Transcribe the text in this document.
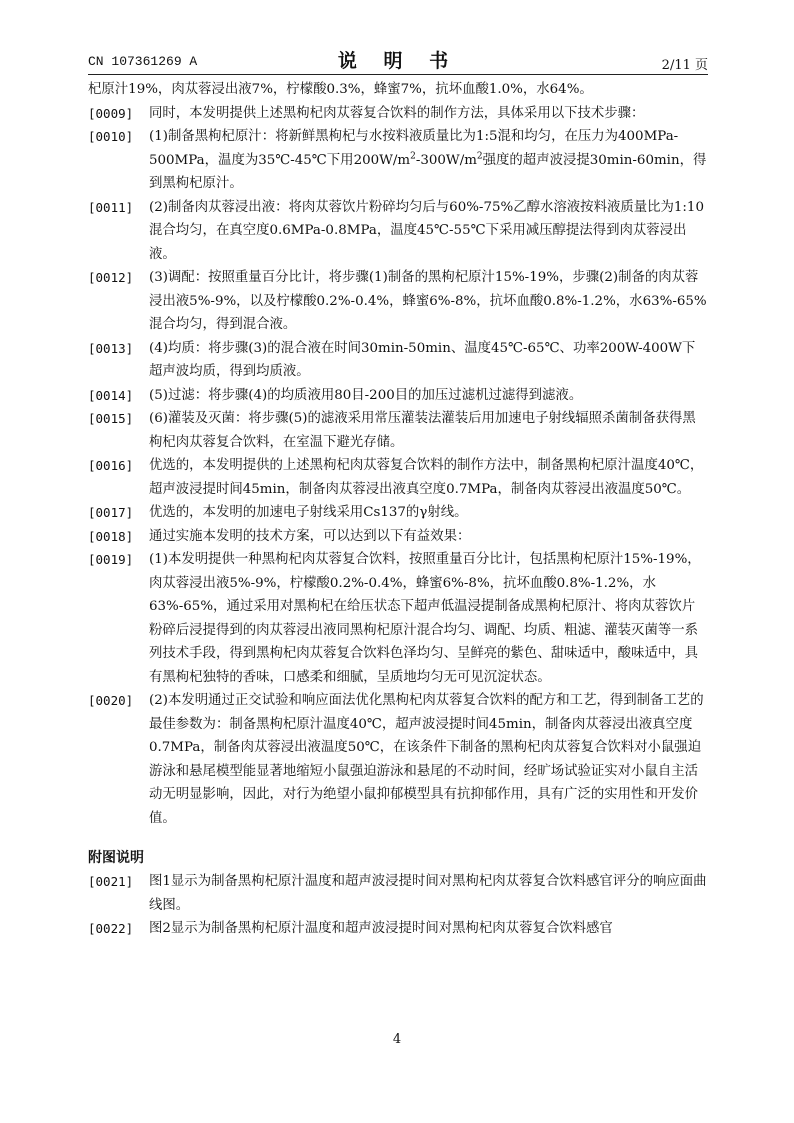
CN 107361269 A	说 明 书	2/11 页

杞原汁19%，肉苁蓉浸出液7%，柠檬酸0.3%，蜂蜜7%，抗坏血酸1.0%，水64%。

[0009] 同时，本发明提供上述黑枸杞肉苁蓉复合饮料的制作方法，具体采用以下技术步骤：

[0010] (1)制备黑枸杞原汁：将新鲜黑枸杞与水按料液质量比为1:5混和均匀，在压力为400MPa-500MPa，温度为35℃-45℃下用$200W/m^2-300W/m^2$强度的超声波浸提30min-60min，得到黑枸杞原汁。

[0011] (2)制备肉苁蓉浸出液：将肉苁蓉饮片粉碎均匀后与60%-75%乙醇水溶液按料液质量比为1:10混合均匀，在真空度0.6MPa-0.8MPa，温度45℃-55℃下采用减压醇提法得到肉苁蓉浸出液。

[0012] (3)调配：按照重量百分比计，将步骤(1)制备的黑枸杞原汁15%-19%，步骤(2)制备的肉苁蓉浸出液5%-9%，以及柠檬酸0.2%-0.4%，蜂蜜6%-8%，抗坏血酸0.8%-1.2%，水63%-65%混合均匀，得到混合液。

[0013] (4)均质：将步骤(3)的混合液在时间30min-50min、温度45℃-65℃、功率200W-400W下超声波均质，得到均质液。

[0014] (5)过滤：将步骤(4)的均质液用80目-200目的加压过滤机过滤得到滤液。

[0015] (6)灌装及灭菌：将步骤(5)的滤液采用常压灌装法灌装后用加速电子射线辐照杀菌制备获得黑枸杞肉苁蓉复合饮料，在室温下避光存储。

[0016] 优选的，本发明提供的上述黑枸杞肉苁蓉复合饮料的制作方法中，制备黑枸杞原汁温度40℃，超声波浸提时间45min，制备肉苁蓉浸出液真空度0.7MPa，制备肉苁蓉浸出液温度50℃。

[0017] 优选的，本发明的加速电子射线采用Cs137的γ射线。

[0018] 通过实施本发明的技术方案，可以达到以下有益效果：

[0019] (1)本发明提供一种黑枸杞肉苁蓉复合饮料，按照重量百分比计，包括黑枸杞原汁15%-19%，肉苁蓉浸出液5%-9%，柠檬酸0.2%-0.4%，蜂蜜6%-8%，抗坏血酸0.8%-1.2%，水63%-65%，通过采用对黑枸杞在给压状态下超声低温浸提制备成黑枸杞原汁、将肉苁蓉饮片粉碎后浸提得到的肉苁蓉浸出液同黑枸杞原汁混合均匀、调配、均质、粗滤、灌装灭菌等一系列技术手段，得到黑枸杞肉苁蓉复合饮料色泽均匀、呈鲜亮的紫色、甜味适中，酸味适中，具有黑枸杞独特的香味，口感柔和细腻，呈质地均匀无可见沉淀状态。

[0020] (2)本发明通过正交试验和响应面法优化黑枸杞肉苁蓉复合饮料的配方和工艺，得到制备工艺的最佳参数为：制备黑枸杞原汁温度40℃，超声波浸提时间45min，制备肉苁蓉浸出液真空度0.7MPa，制备肉苁蓉浸出液温度50℃，在该条件下制备的黑枸杞肉苁蓉复合饮料对小鼠强迫游泳和悬尾模型能显著地缩短小鼠强迫游泳和悬尾的不动时间，经旷场试验证实对小鼠自主活动无明显影响，因此，对行为绝望小鼠抑郁模型具有抗抑郁作用，具有广泛的实用性和开发价值。

附图说明

[0021] 图1显示为制备黑枸杞原汁温度和超声波浸提时间对黑枸杞肉苁蓉复合饮料感官评分的响应面曲线图。

[0022] 图2显示为制备黑枸杞原汁温度和超声波浸提时间对黑枸杞肉苁蓉复合饮料感官

4
